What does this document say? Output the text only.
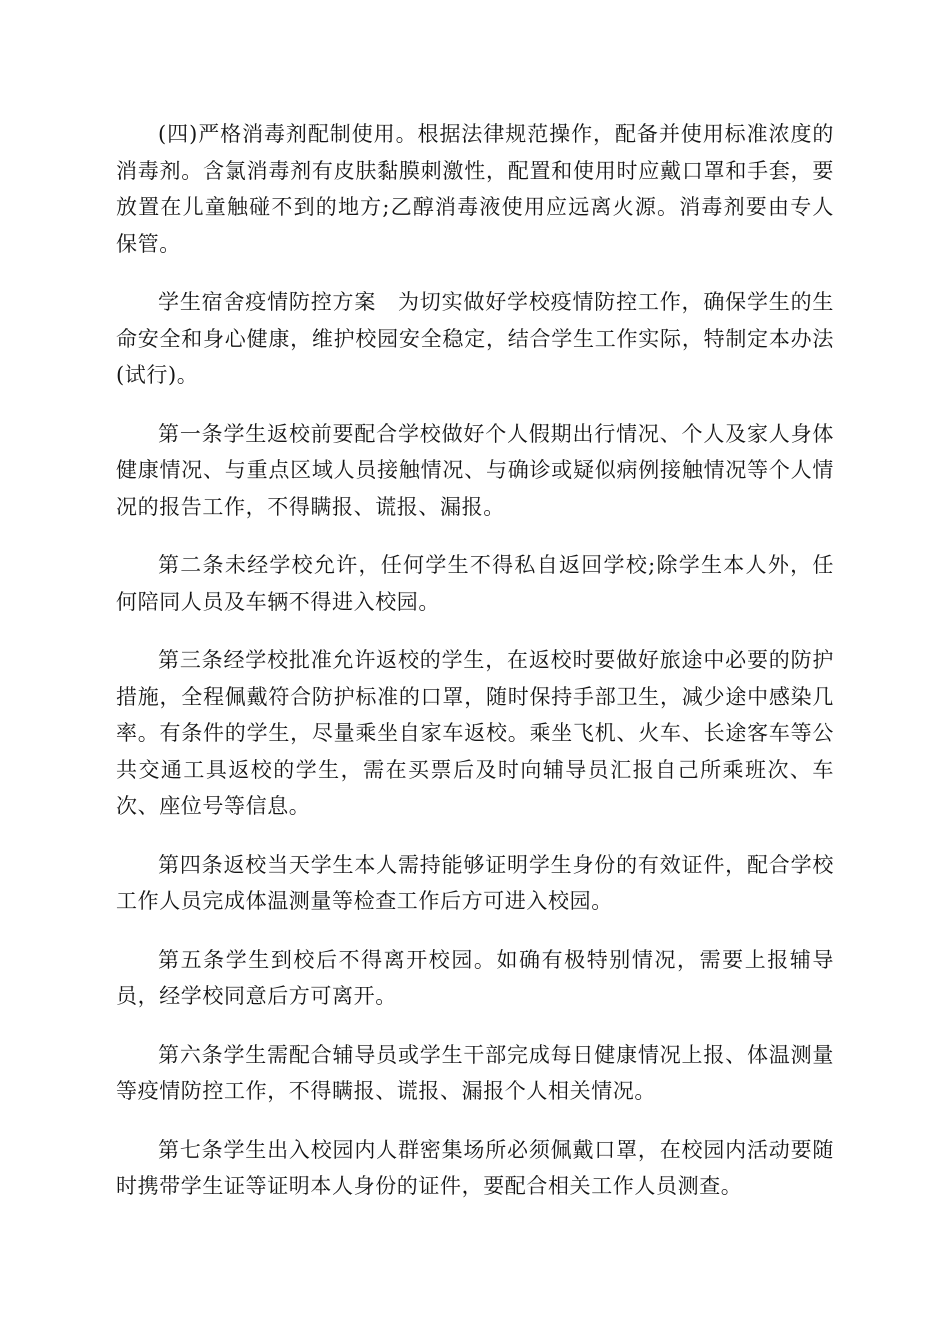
(四)严格消毒剂配制使用。根据法律规范操作，配备并使用标准浓度的消毒剂。含氯消毒剂有皮肤黏膜刺激性，配置和使用时应戴口罩和手套，要放置在儿童触碰不到的地方;乙醇消毒液使用应远离火源。消毒剂要由专人保管。

学生宿舍疫情防控方案　为切实做好学校疫情防控工作，确保学生的生命安全和身心健康，维护校园安全稳定，结合学生工作实际，特制定本办法(试行)。

第一条学生返校前要配合学校做好个人假期出行情况、个人及家人身体健康情况、与重点区域人员接触情况、与确诊或疑似病例接触情况等个人情况的报告工作，不得瞒报、谎报、漏报。

第二条未经学校允许，任何学生不得私自返回学校;除学生本人外，任何陪同人员及车辆不得进入校园。

第三条经学校批准允许返校的学生，在返校时要做好旅途中必要的防护措施，全程佩戴符合防护标准的口罩，随时保持手部卫生，减少途中感染几率。有条件的学生，尽量乘坐自家车返校。乘坐飞机、火车、长途客车等公共交通工具返校的学生，需在买票后及时向辅导员汇报自己所乘班次、车次、座位号等信息。

第四条返校当天学生本人需持能够证明学生身份的有效证件，配合学校工作人员完成体温测量等检查工作后方可进入校园。

第五条学生到校后不得离开校园。如确有极特别情况，需要上报辅导员，经学校同意后方可离开。

第六条学生需配合辅导员或学生干部完成每日健康情况上报、体温测量等疫情防控工作，不得瞒报、谎报、漏报个人相关情况。

第七条学生出入校园内人群密集场所必须佩戴口罩，在校园内活动要随时携带学生证等证明本人身份的证件，要配合相关工作人员测查。
